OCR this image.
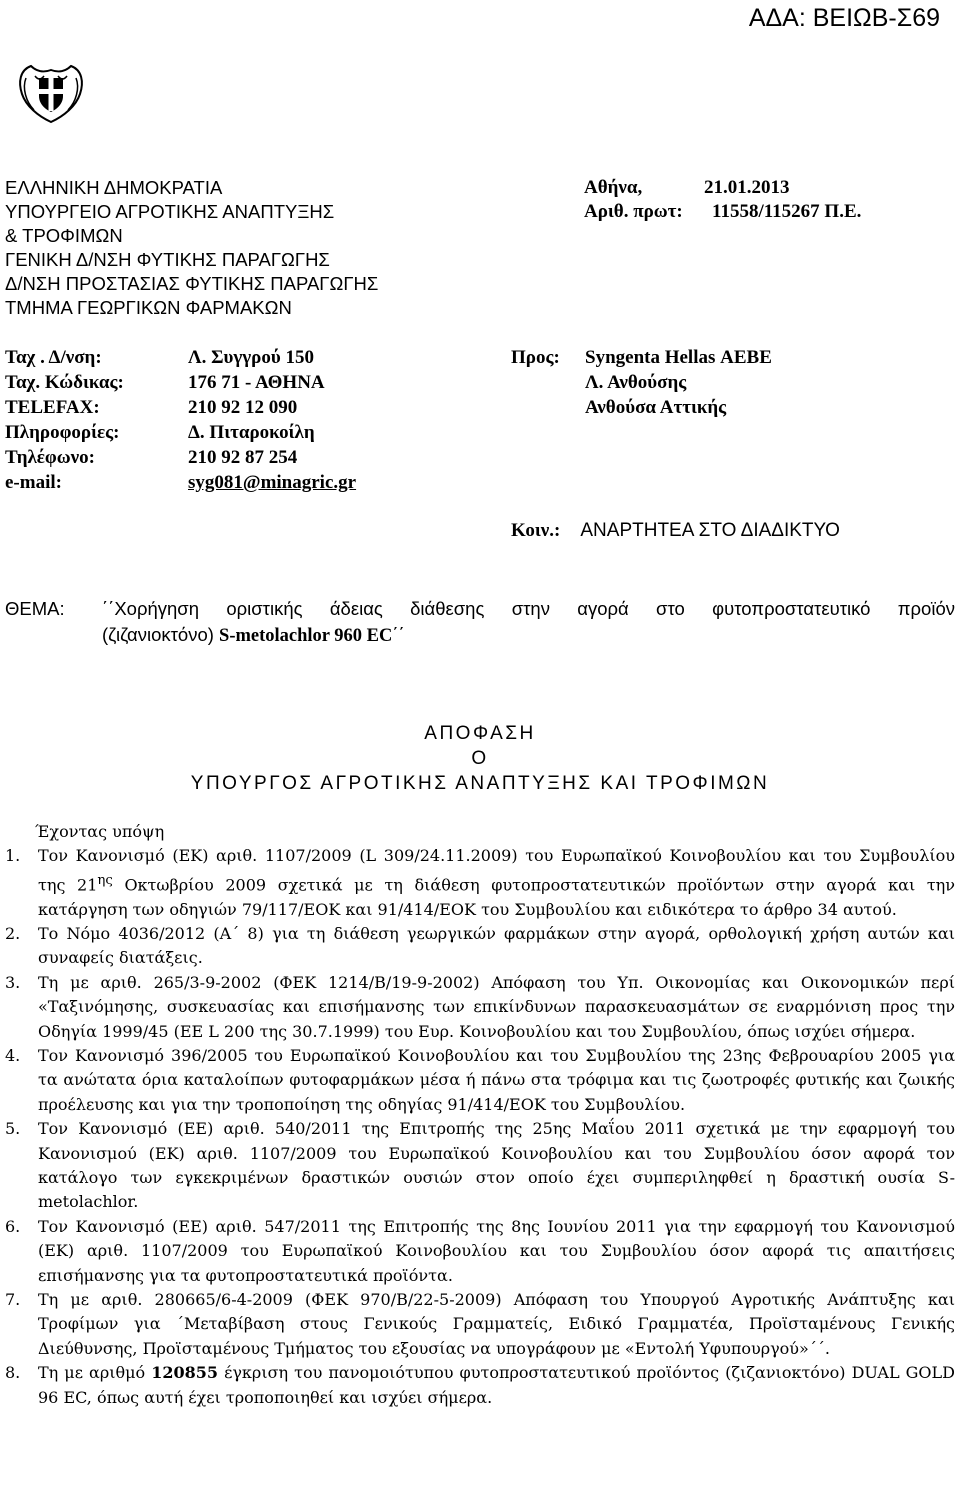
ΑΔΑ: ΒΕΙΩΒ-Σ69
ΕΛΛΗΝΙΚΗ ΔΗΜΟΚΡΑΤΙΑ
ΥΠΟΥΡΓΕΙΟ ΑΓΡΟΤΙΚΗΣ ΑΝΑΠΤΥΞΗΣ
& ΤΡΟΦΙΜΩΝ
ΓΕΝΙΚΗ Δ/ΝΣΗ ΦΥΤΙΚΗΣ ΠΑΡΑΓΩΓΗΣ
Δ/ΝΣΗ ΠΡΟΣΤΑΣΙΑΣ ΦΥΤΙΚΗΣ ΠΑΡΑΓΩΓΗΣ
ΤΜΗΜΑ ΓΕΩΡΓΙΚΩΝ ΦΑΡΜΑΚΩΝ
Αθήνα,	21.01.2013
Αριθ. πρωτ:	11558/115267 Π.Ε.
Ταχ . Δ/νση:	Λ. Συγγρού 150
Ταχ. Κώδικας:	176 71 - ΑΘΗΝΑ
TELEFAX:	210 92 12 090
Πληροφορίες:	Δ. Πιταροκοίλη
Τηλέφωνο:	210 92 87 254
e-mail:	syg081@minagric.gr
Προς:	Syngenta Hellas ΑΕΒΕ
Λ. Ανθούσης
Ανθούσα Αττικής
Κοιν.: ΑΝΑΡΤΗΤΕΑ ΣΤΟ ΔΙΑΔΙΚΤΥΟ
ΘΕΜΑ: ΄΄Χορήγηση οριστικής άδειας διάθεσης στην αγορά στο φυτοπροστατευτικό προϊόν
(ζιζανιοκτόνο) S-metolachlor 960 EC΄΄
ΑΠΟΦΑΣΗ
Ο
ΥΠΟΥΡΓΟΣ ΑΓΡΟΤΙΚΗΣ ΑΝΑΠΤΥΞΗΣ ΚΑΙ ΤΡΟΦΙΜΩΝ
Έχοντας υπόψη
1. Τον Κανονισμό (ΕΚ) αριθ. 1107/2009 (L 309/24.11.2009) του Ευρωπαϊκού Κοινοβουλίου και του Συμβουλίου της $21^{\eta\varsigma}$ Οκτωβρίου 2009 σχετικά με τη διάθεση φυτοπροστατευτικών προϊόντων στην αγορά και την κατάργηση των οδηγιών 79/117/ΕΟΚ και 91/414/ΕΟΚ του Συμβουλίου και ειδικότερα το άρθρο 34 αυτού.
2. Το Νόμο 4036/2012 (Α΄ 8) για τη διάθεση γεωργικών φαρμάκων στην αγορά, ορθολογική χρήση αυτών και συναφείς διατάξεις.
3. Τη με αριθ. 265/3-9-2002 (ΦΕΚ 1214/Β/19-9-2002) Απόφαση του Υπ. Οικονομίας και Οικονομικών περί «Ταξινόμησης, συσκευασίας και επισήμανσης των επικίνδυνων παρασκευασμάτων σε εναρμόνιση προς την Οδηγία 1999/45 (ΕΕ L 200 της 30.7.1999) του Ευρ. Κοινοβουλίου και του Συμβουλίου, όπως ισχύει σήμερα.
4. Τον Κανονισμό 396/2005 του Ευρωπαϊκού Κοινοβουλίου και του Συμβουλίου της 23ης Φεβρουαρίου 2005 για τα ανώτατα όρια καταλοίπων φυτοφαρμάκων μέσα ή πάνω στα τρόφιμα και τις ζωοτροφές φυτικής και ζωικής προέλευσης και για την τροποποίηση της οδηγίας 91/414/ΕΟΚ του Συμβουλίου.
5. Τον Κανονισμό (ΕΕ) αριθ. 540/2011 της Επιτροπής της 25ης Μαΐου 2011 σχετικά με την εφαρμογή του Κανονισμού (ΕΚ) αριθ. 1107/2009 του Ευρωπαϊκού Κοινοβουλίου και του Συμβουλίου όσον αφορά τον κατάλογο των εγκεκριμένων δραστικών ουσιών στον οποίο έχει συμπεριληφθεί η δραστική ουσία S-metolachlor.
6. Τον Κανονισμό (ΕΕ) αριθ. 547/2011 της Επιτροπής της 8ης Ιουνίου 2011 για την εφαρμογή του Κανονισμού (ΕΚ) αριθ. 1107/2009 του Ευρωπαϊκού Κοινοβουλίου και του Συμβουλίου όσον αφορά τις απαιτήσεις επισήμανσης για τα φυτοπροστατευτικά προϊόντα.
7. Τη με αριθ. 280665/6-4-2009 (ΦΕΚ 970/Β/22-5-2009) Απόφαση του Υπουργού Αγροτικής Ανάπτυξης και Τροφίμων για ΄Μεταβίβαση στους Γενικούς Γραμματείς, Ειδικό Γραμματέα, Προϊσταμένους Γενικής Διεύθυνσης, Προϊσταμένους Τμήματος του εξουσίας να υπογράφουν με «Εντολή Υφυπουργού»΄΄.
8. Τη με αριθμό 120855 έγκριση του πανομοιότυπου φυτοπροστατευτικού προϊόντος (ζιζανιοκτόνο) DUAL GOLD 96 EC, όπως αυτή έχει τροποποιηθεί και ισχύει σήμερα.
